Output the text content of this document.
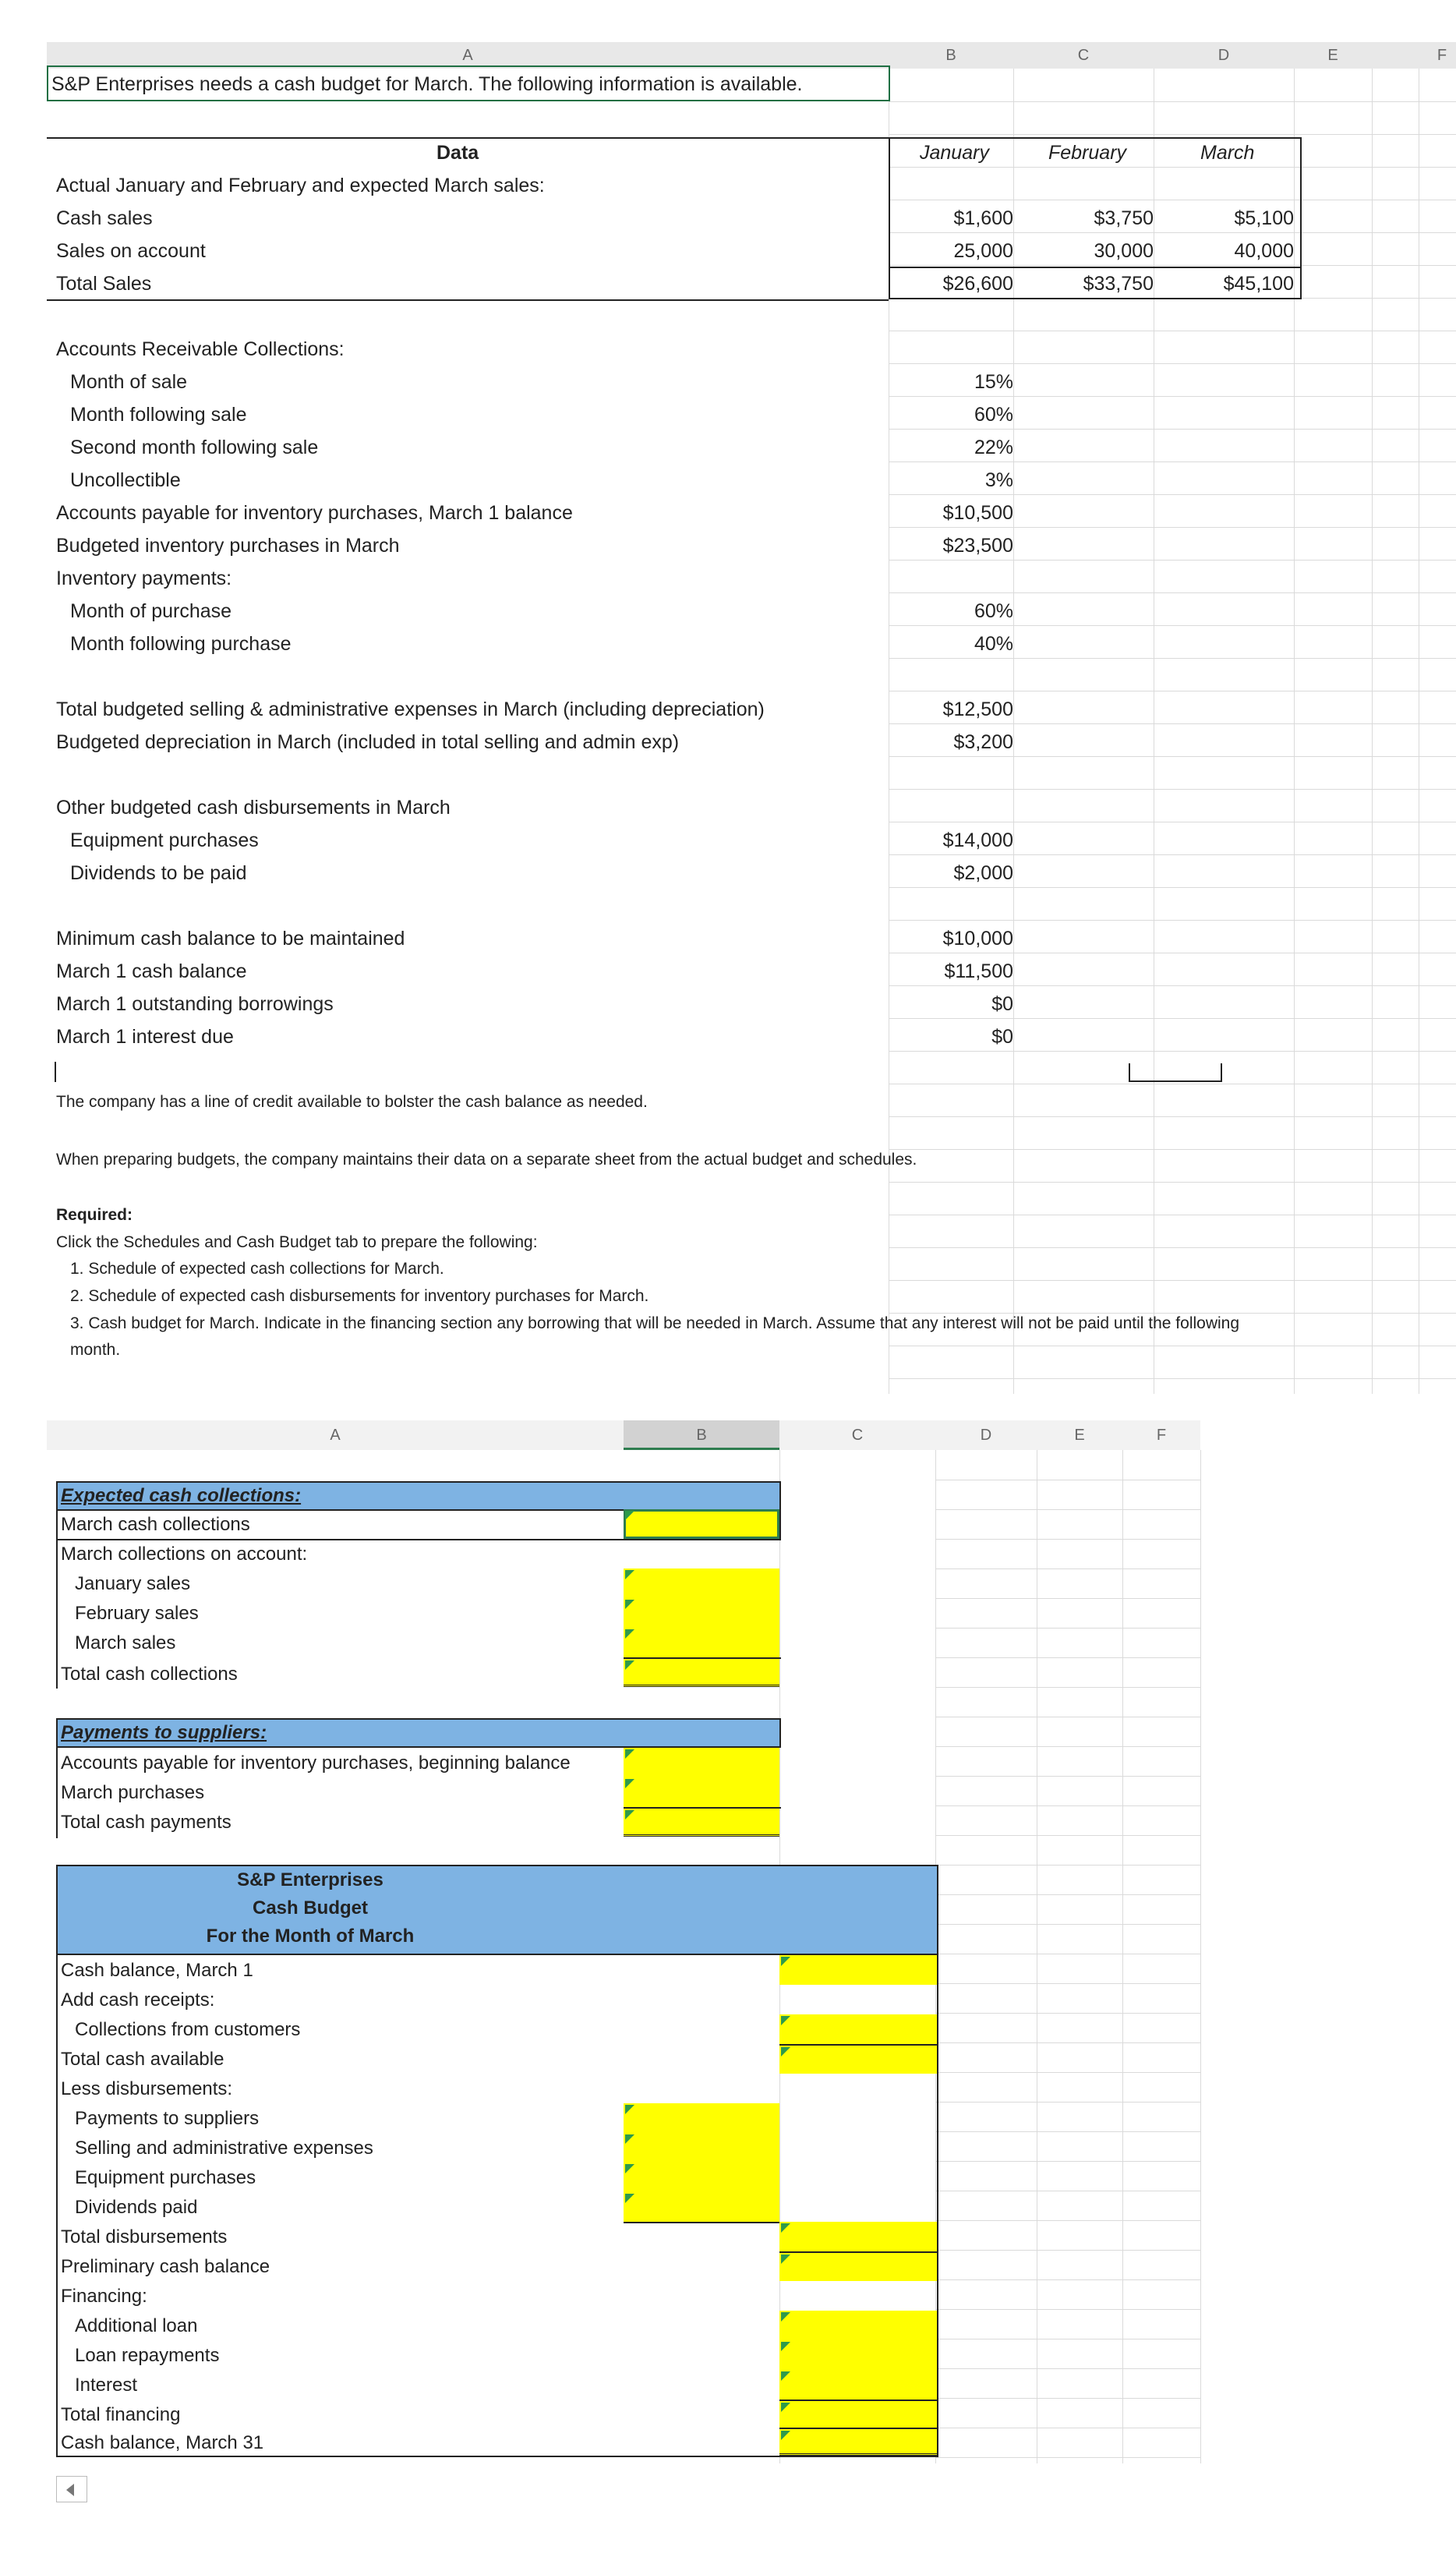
A	B	C	D	E	F
S&P Enterprises needs a cash budget for March. The following information is available.
Data	January	February	March
Actual January and February and expected March sales:
Cash sales	$1,600	$3,750	$5,100
Sales on account	25,000	30,000	40,000
Total Sales	$26,600	$33,750	$45,100
Accounts Receivable Collections:
Month of sale	15%
Month following sale	60%
Second month following sale	22%
Uncollectible	3%
Accounts payable for inventory purchases, March 1 balance	$10,500
Budgeted inventory purchases in March	$23,500
Inventory payments:
Month of purchase	60%
Month following purchase	40%
Total budgeted selling & administrative expenses in March (including depreciation)	$12,500
Budgeted depreciation in March (included in total selling and admin exp)	$3,200
Other budgeted cash disbursements in March
Equipment purchases	$14,000
Dividends to be paid	$2,000
Minimum cash balance to be maintained	$10,000
March 1 cash balance	$11,500
March 1 outstanding borrowings	$0
March 1 interest due	$0
The company has a line of credit available to bolster the cash balance as needed.
When preparing budgets, the company maintains their data on a separate sheet from the actual budget and schedules.
Required:
Click the Schedules and Cash Budget tab to prepare the following:
1. Schedule of expected cash collections for March.
2. Schedule of expected cash disbursements for inventory purchases for March.
3. Cash budget for March. Indicate in the financing section any borrowing that will be needed in March. Assume that any interest will not be paid until the following
month.
A	B	C	D	E	F
Expected cash collections:
March cash collections
March collections on account:
January sales
February sales
March sales
Total cash collections
Payments to suppliers:
Accounts payable for inventory purchases, beginning balance
March purchases
Total cash payments
S&P Enterprises
Cash Budget
For the Month of March
Cash balance, March 1
Add cash receipts:
Collections from customers
Total cash available
Less disbursements:
Payments to suppliers
Selling and administrative expenses
Equipment purchases
Dividends paid
Total disbursements
Preliminary cash balance
Financing:
Additional loan
Loan repayments
Interest
Total financing
Cash balance, March 31
